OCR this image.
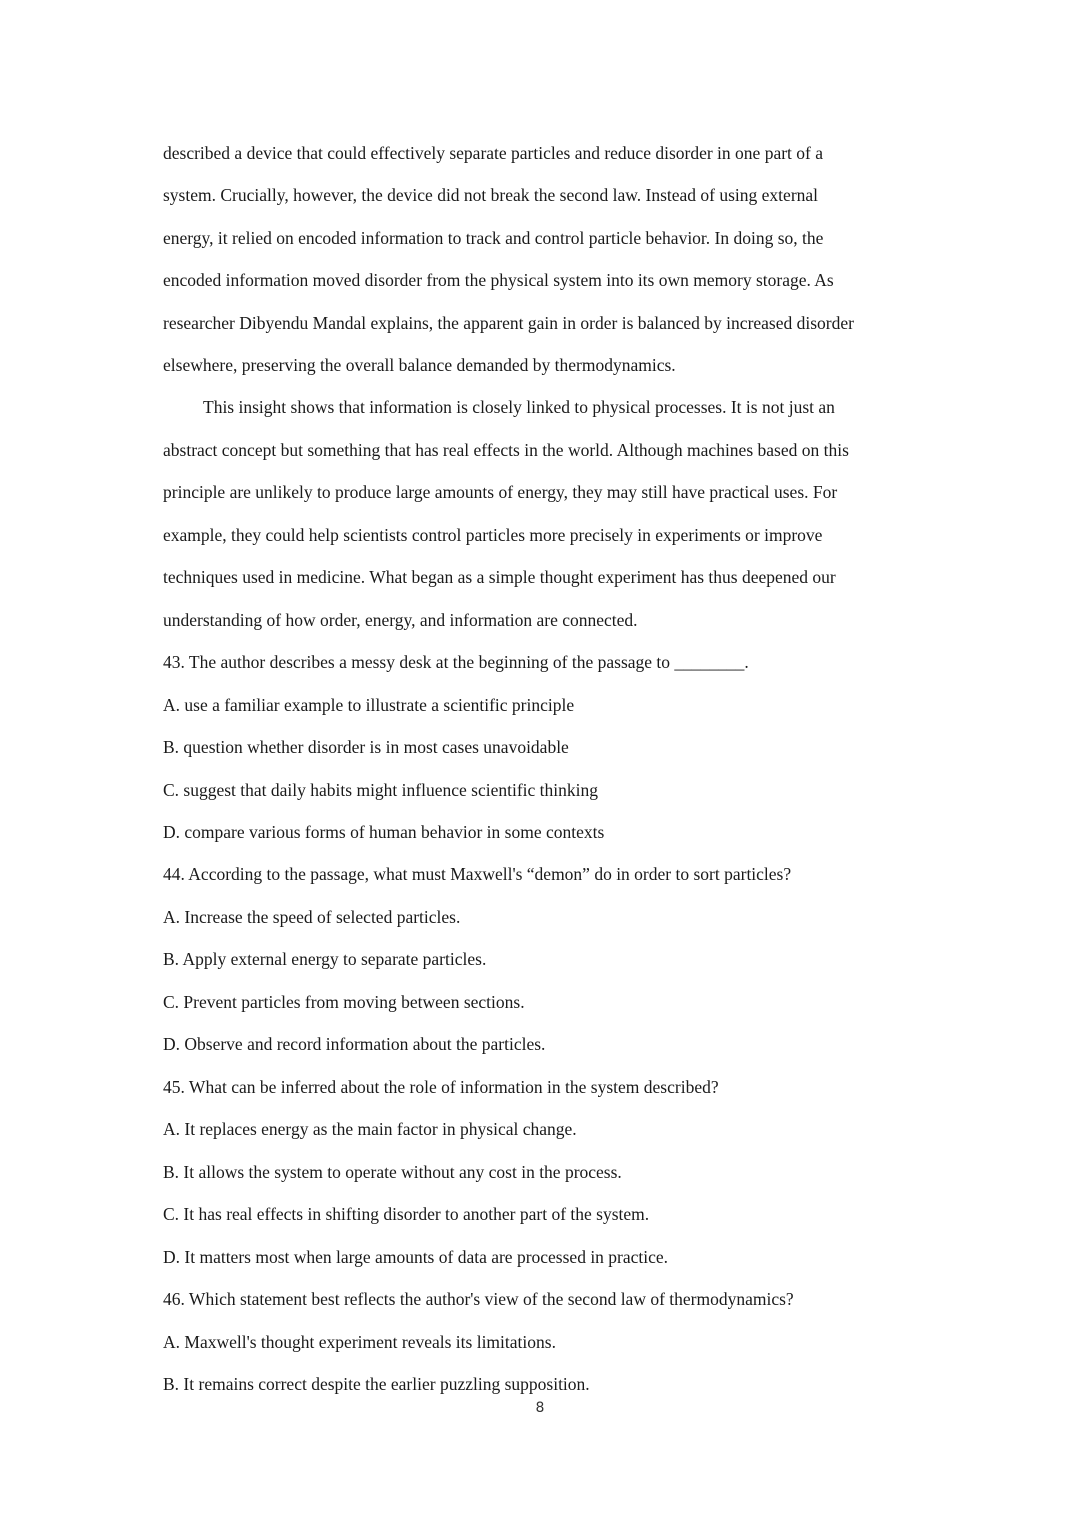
described a device that could effectively separate particles and reduce disorder in one part of a
system. Crucially, however, the device did not break the second law. Instead of using external
energy, it relied on encoded information to track and control particle behavior. In doing so, the
encoded information moved disorder from the physical system into its own memory storage. As
researcher Dibyendu Mandal explains, the apparent gain in order is balanced by increased disorder
elsewhere, preserving the overall balance demanded by thermodynamics.
This insight shows that information is closely linked to physical processes. It is not just an
abstract concept but something that has real effects in the world. Although machines based on this
principle are unlikely to produce large amounts of energy, they may still have practical uses. For
example, they could help scientists control particles more precisely in experiments or improve
techniques used in medicine. What began as a simple thought experiment has thus deepened our
understanding of how order, energy, and information are connected.
43. The author describes a messy desk at the beginning of the passage to ________.
A. use a familiar example to illustrate a scientific principle
B. question whether disorder is in most cases unavoidable
C. suggest that daily habits might influence scientific thinking
D. compare various forms of human behavior in some contexts
44. According to the passage, what must Maxwell's “demon” do in order to sort particles?
A. Increase the speed of selected particles.
B. Apply external energy to separate particles.
C. Prevent particles from moving between sections.
D. Observe and record information about the particles.
45. What can be inferred about the role of information in the system described?
A. It replaces energy as the main factor in physical change.
B. It allows the system to operate without any cost in the process.
C. It has real effects in shifting disorder to another part of the system.
D. It matters most when large amounts of data are processed in practice.
46. Which statement best reflects the author's view of the second law of thermodynamics?
A. Maxwell's thought experiment reveals its limitations.
B. It remains correct despite the earlier puzzling supposition.
8
